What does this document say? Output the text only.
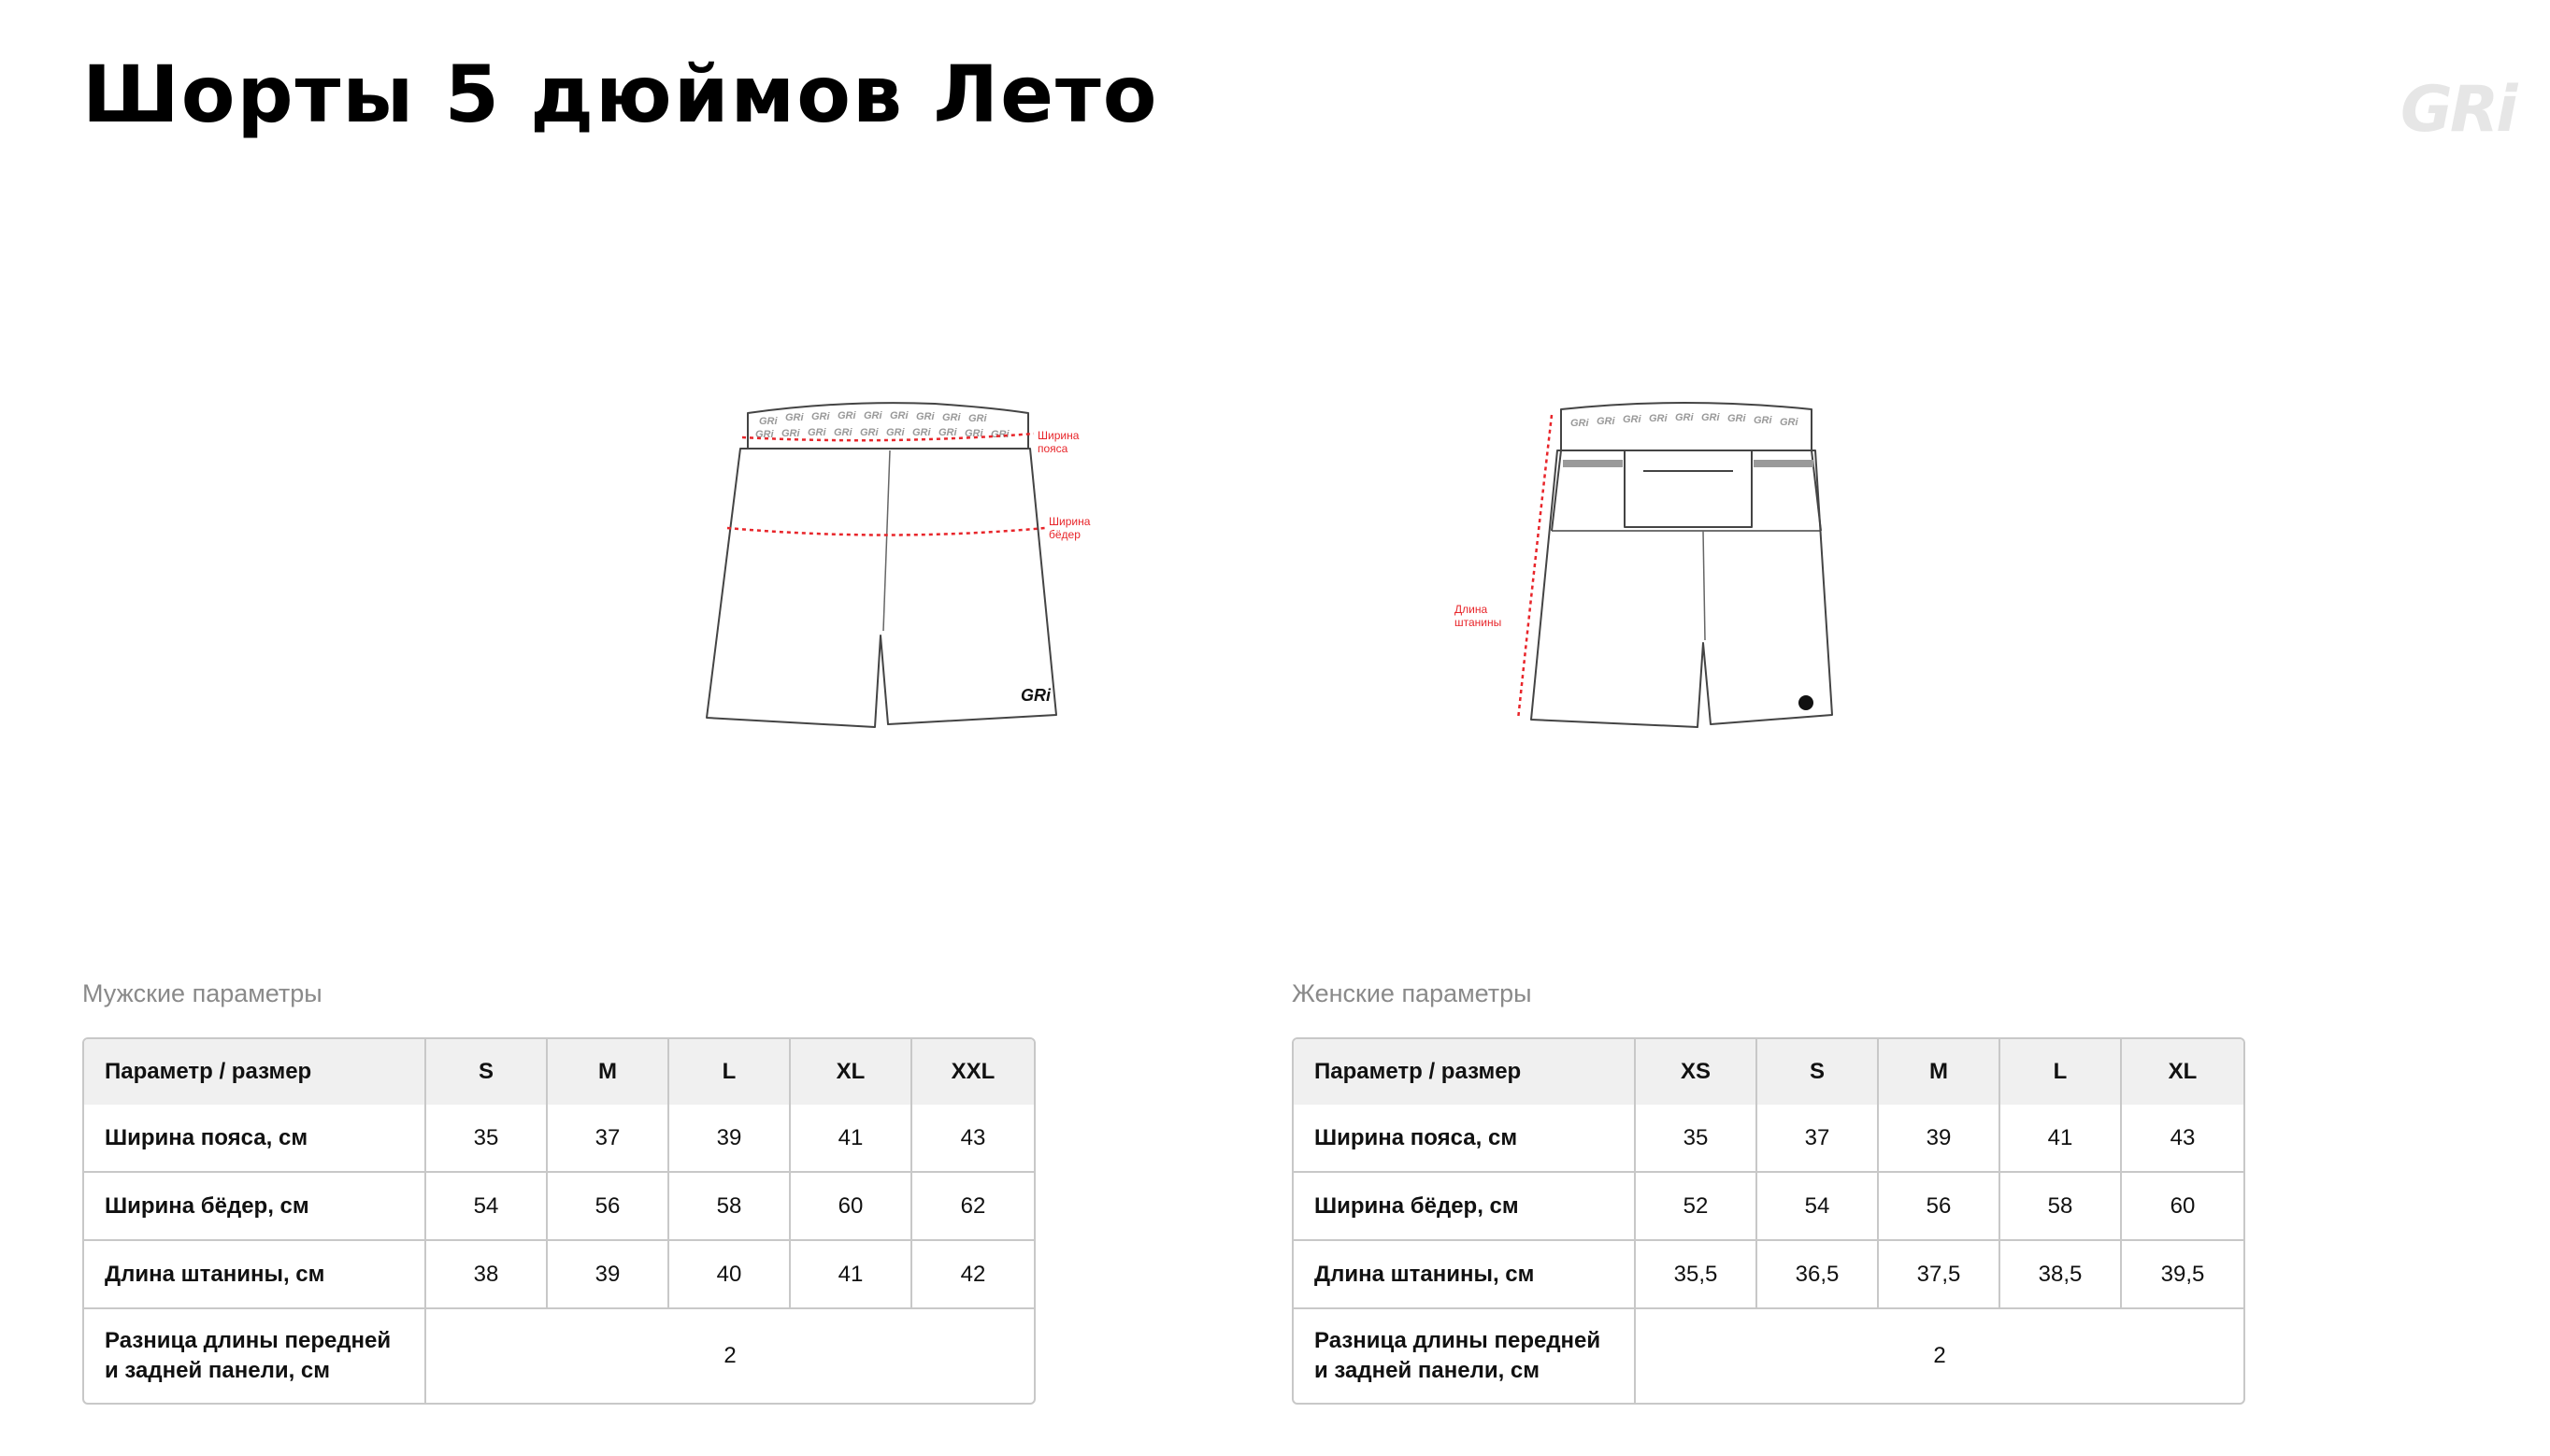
Шорты 5 дюймов Лето	GRi
GRi GRi GRi GRi GRi GRi GRi GRi GRi
GRi GRi GRi GRi GRi GRi GRi GRi GRi GRi	Ширина
пояса
Ширина
бёдер
GRi
GRi GRi GRi GRi GRi GRi GRi GRi GRi
Длина
штанины
Мужские параметры
Параметр / размер	S	M	L	XL	XXL
Ширина пояса, см	35	37	39	41	43
Ширина бёдер, см	54	56	58	60	62
Длина штанины, см	38	39	40	41	42
Разница длины передней
и задней панели, см	2				
Женские параметры
Параметр / размер	XS	S	M	L	XL
Ширина пояса, см	35	37	39	41	43
Ширина бёдер, см	52	54	56	58	60
Длина штанины, см	35,5	36,5	37,5	38,5	39,5
Разница длины передней
и задней панели, см	2				
